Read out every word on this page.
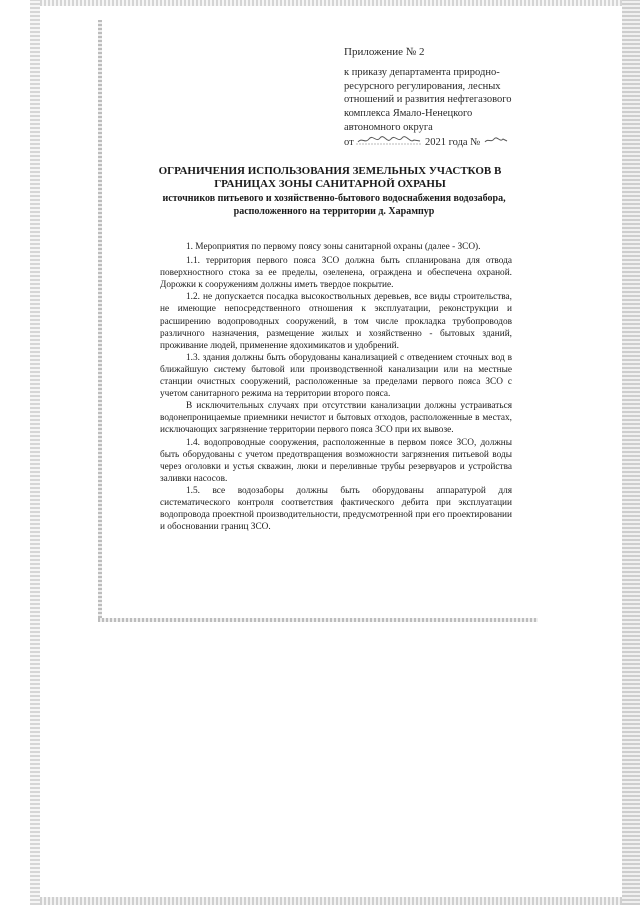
Приложение № 2
к приказу департамента природно-
ресурсного регулирования, лесных
отношений и развития нефтегазового
комплекса Ямало-Ненецкого
автономного округа
от	2021 года №
ОГРАНИЧЕНИЯ ИСПОЛЬЗОВАНИЯ ЗЕМЕЛЬНЫХ УЧАСТКОВ В
ГРАНИЦАХ ЗОНЫ САНИТАРНОЙ ОХРАНЫ
источников питьевого и хозяйственно-бытового водоснабжения водозабора,
расположенного на территории д. Харампур

1. Мероприятия по первому поясу зоны санитарной охраны (далее - ЗСО).

1.1. территория первого пояса ЗСО должна быть спланирована для отвода поверхностного стока за ее пределы, озеленена, ограждена и обеспечена охраной. Дорожки к сооружениям должны иметь твердое покрытие.

1.2. не допускается посадка высокоствольных деревьев, все виды строительства, не имеющие непосредственного отношения к эксплуатации, реконструкции и расширению водопроводных сооружений, в том числе прокладка трубопроводов различного назначения, размещение жилых и хозяйственно - бытовых зданий, проживание людей, применение ядохимикатов и удобрений.

1.3. здания должны быть оборудованы канализацией с отведением сточных вод в ближайшую систему бытовой или производственной канализации или на местные станции очистных сооружений, расположенные за пределами первого пояса ЗСО с учетом санитарного режима на территории второго пояса.

В исключительных случаях при отсутствии канализации должны устраиваться водонепроницаемые приемники нечистот и бытовых отходов, расположенные в местах, исключающих загрязнение территории первого пояса ЗСО при их вывозе.

1.4. водопроводные сооружения, расположенные в первом поясе ЗСО, должны быть оборудованы с учетом предотвращения возможности загрязнения питьевой воды через оголовки и устья скважин, люки и переливные трубы резервуаров и устройства заливки насосов.

1.5. все водозаборы должны быть оборудованы аппаратурой для систематического контроля соответствия фактического дебита при эксплуатации водопровода проектной производительности, предусмотренной при его проектировании и обосновании границ ЗСО.
